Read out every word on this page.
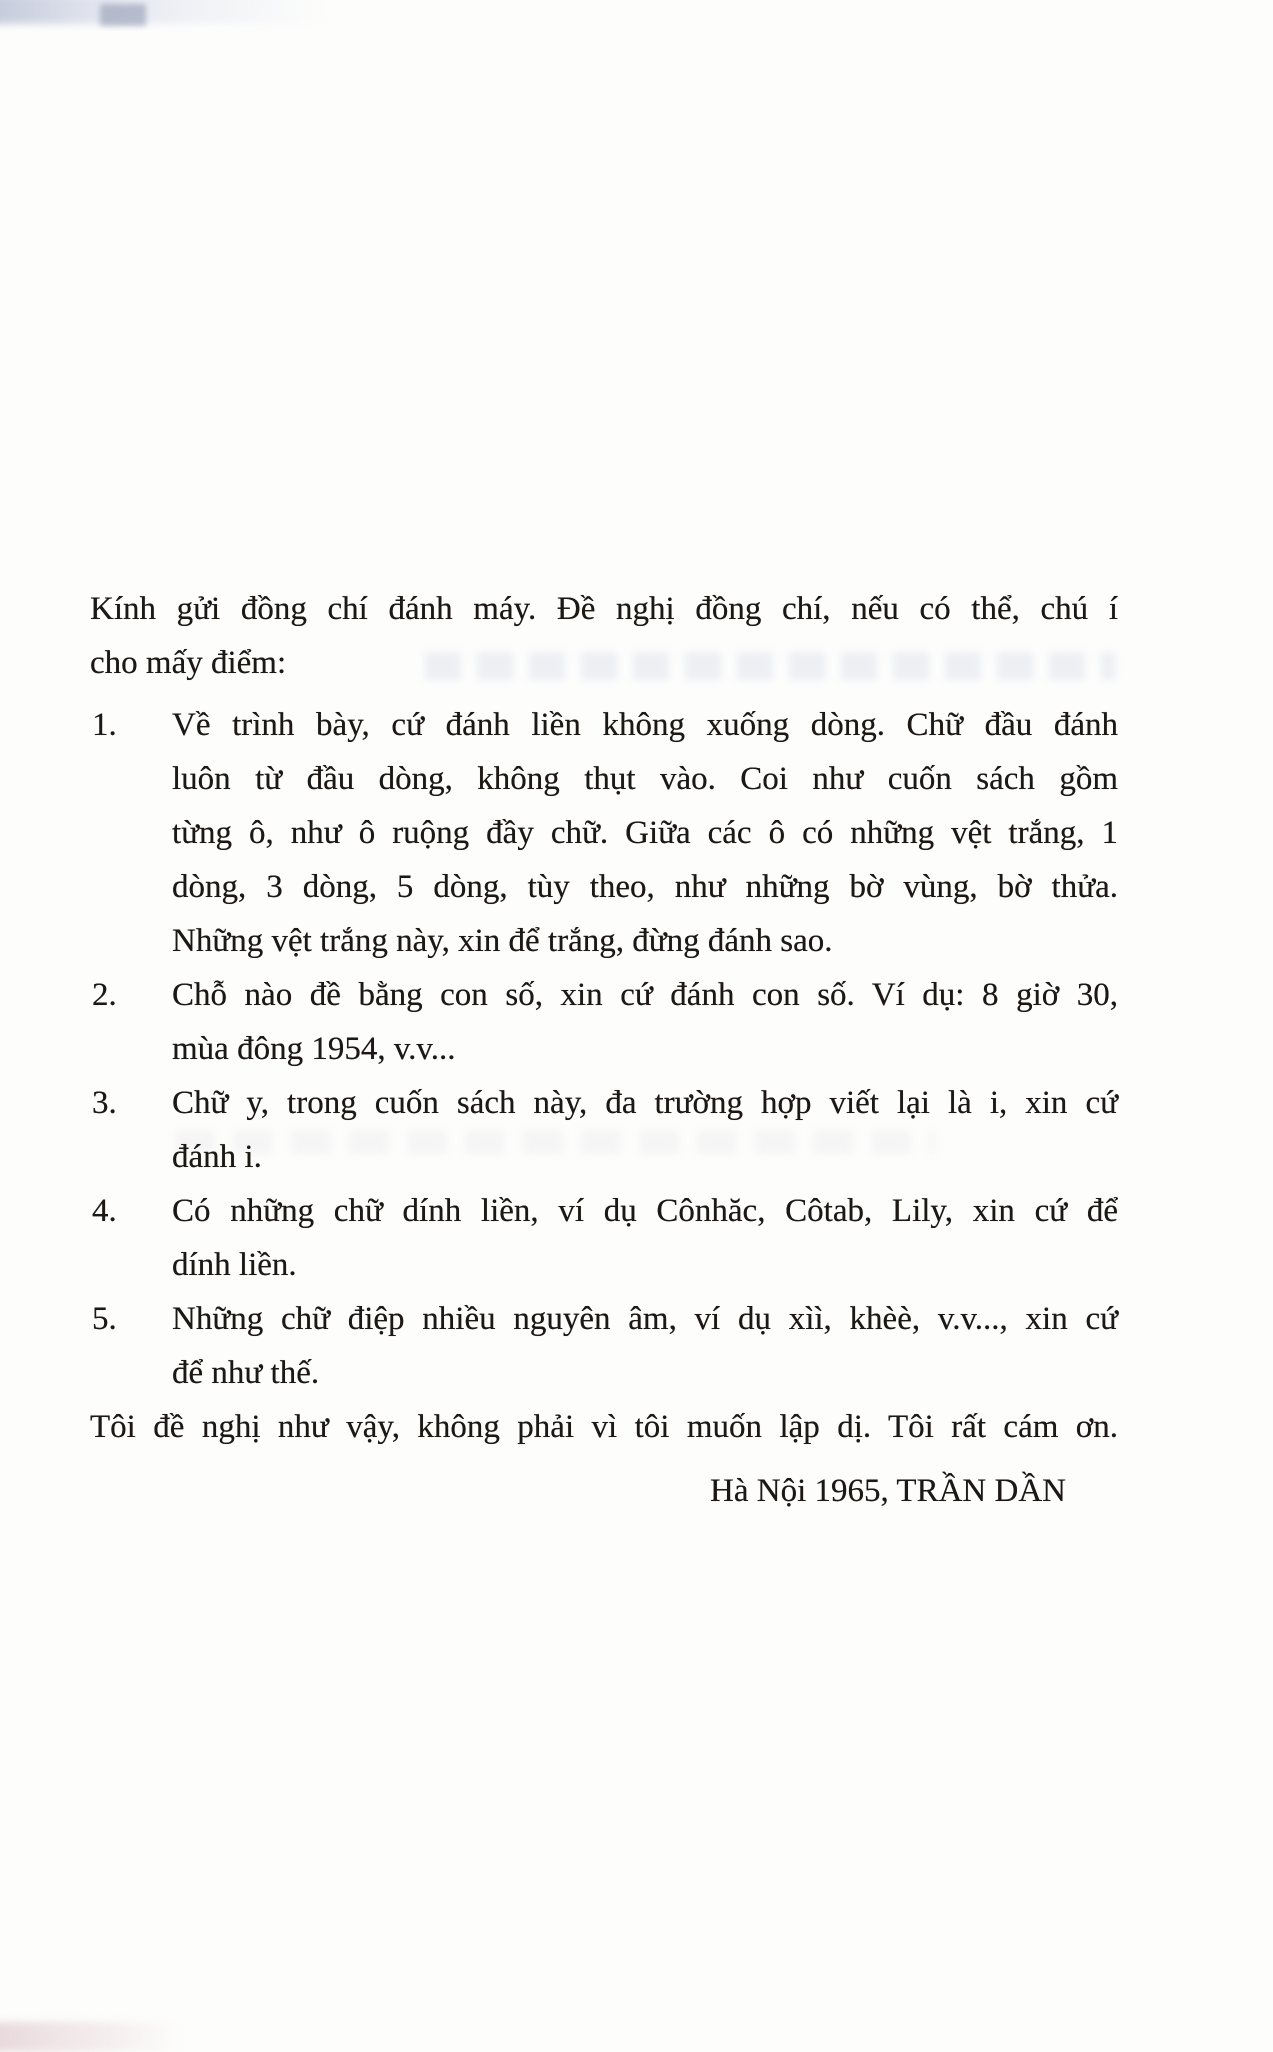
Kính gửi đồng chí đánh máy. Đề nghị đồng chí, nếu có thể, chú í

cho mấy điểm:

1. Về trình bày, cứ đánh liền không xuống dòng. Chữ đầu đánh

luôn từ đầu dòng, không thụt vào. Coi như cuốn sách gồm

từng ô, như ô ruộng đầy chữ. Giữa các ô có những vệt trắng, 1

dòng, 3 dòng, 5 dòng, tùy theo, như những bờ vùng, bờ thửa.

Những vệt trắng này, xin để trắng, đừng đánh sao.

2. Chỗ nào đề bằng con số, xin cứ đánh con số. Ví dụ: 8 giờ 30,

mùa đông 1954, v.v...

3. Chữ y, trong cuốn sách này, đa trường hợp viết lại là i, xin cứ

đánh i.

4. Có những chữ dính liền, ví dụ Cônhăc, Côtab, Lily, xin cứ để

dính liền.

5. Những chữ điệp nhiều nguyên âm, ví dụ xìì, khèè, v.v..., xin cứ

để như thế.

Tôi đề nghị như vậy, không phải vì tôi muốn lập dị. Tôi rất cám ơn.

Hà Nội 1965, TRẦN DẦN
